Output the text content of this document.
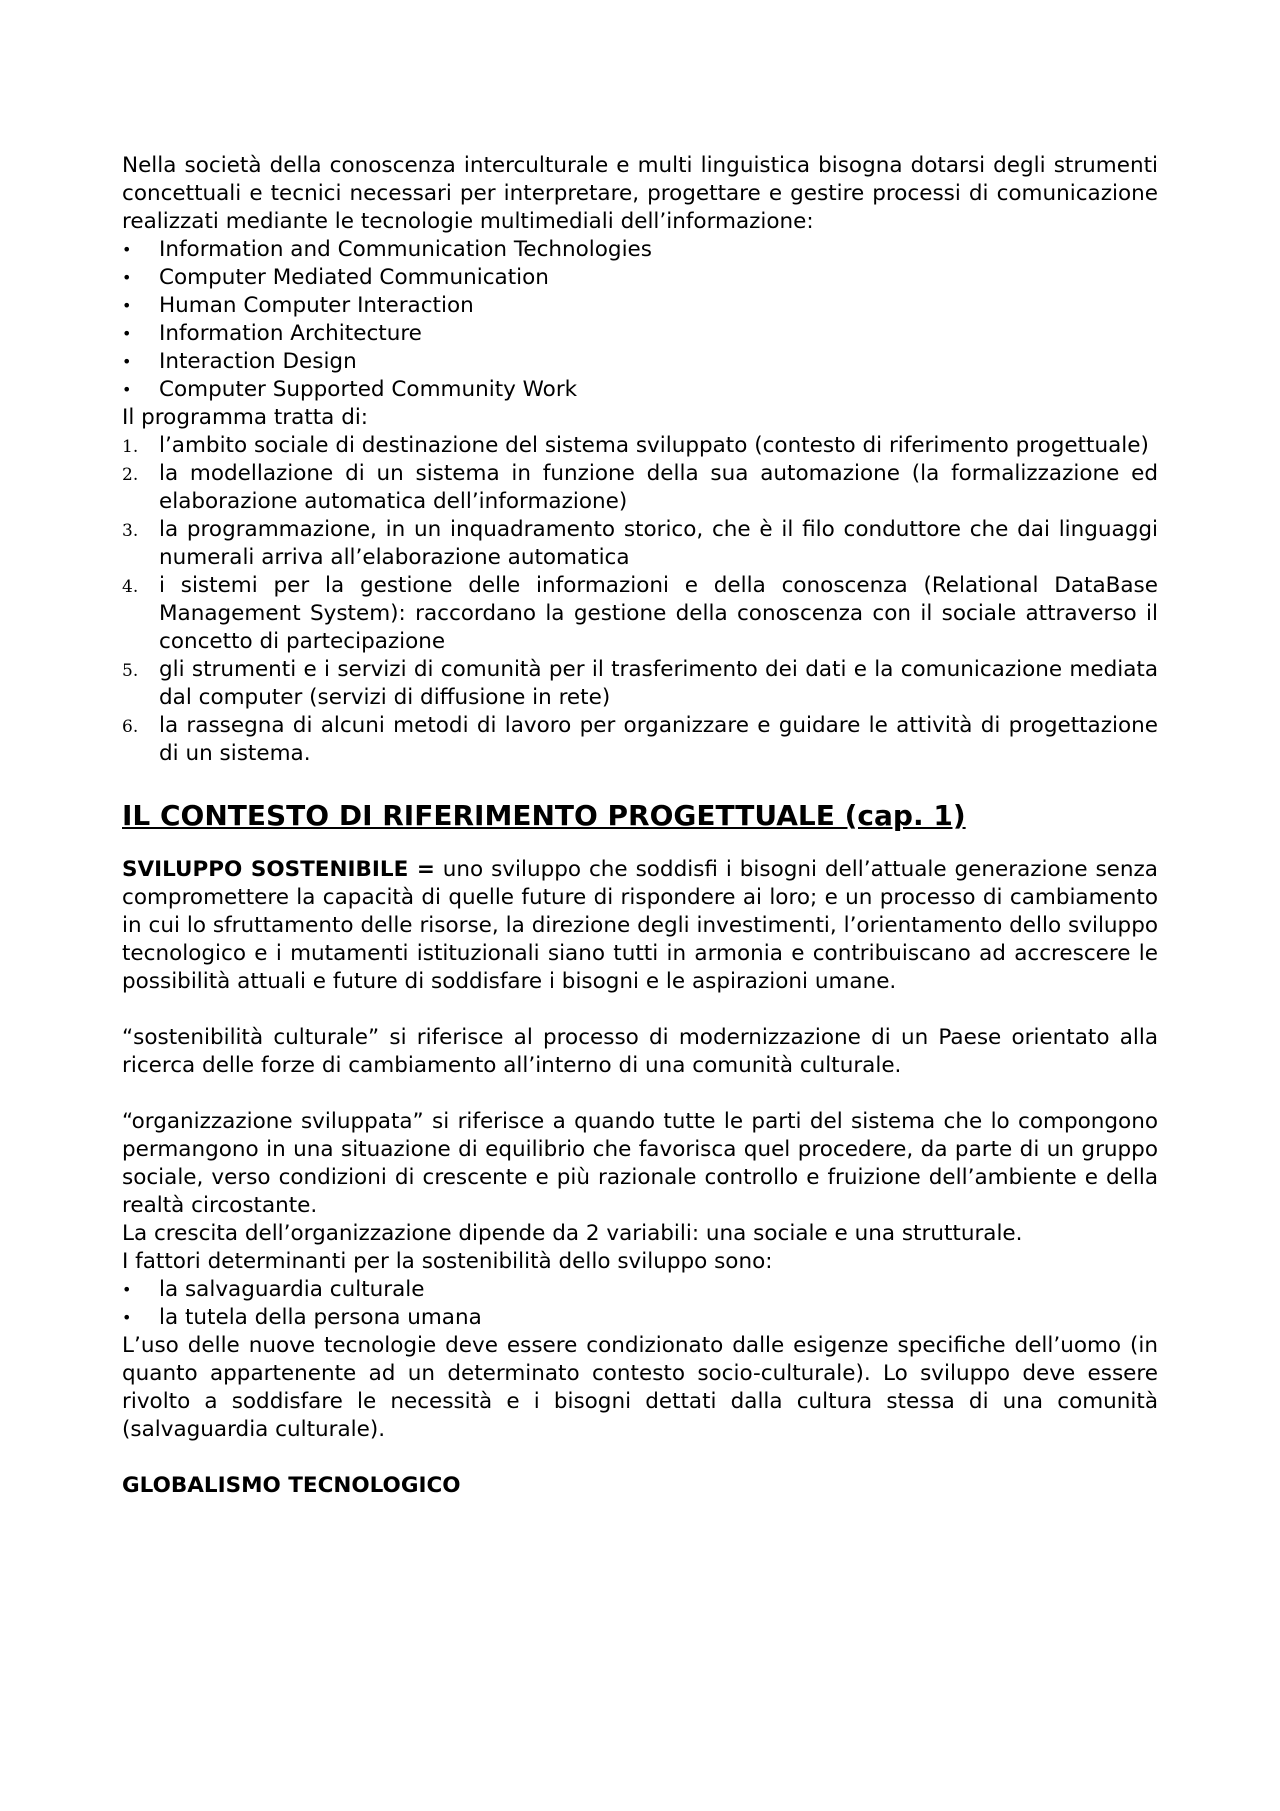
Nella società della conoscenza interculturale e multi linguistica bisogna dotarsi degli strumenti concettuali e tecnici necessari per interpretare, progettare e gestire processi di comunicazione realizzati mediante le tecnologie multimediali dell’informazione:

• Information and Communication Technologies
• Computer Mediated Communication
• Human Computer Interaction
• Information Architecture
• Interaction Design
• Computer Supported Community Work

Il programma tratta di:

1. l’ambito sociale di destinazione del sistema sviluppato (contesto di riferimento progettuale)
2. la modellazione di un sistema in funzione della sua automazione (la formalizzazione ed elaborazione automatica dell’informazione)
3. la programmazione, in un inquadramento storico, che è il filo conduttore che dai linguaggi numerali arriva all’elaborazione automatica
4. i sistemi per la gestione delle informazioni e della conoscenza (Relational DataBase Management System): raccordano la gestione della conoscenza con il sociale attraverso il concetto di partecipazione
5. gli strumenti e i servizi di comunità per il trasferimento dei dati e la comunicazione mediata dal computer (servizi di diffusione in rete)
6. la rassegna di alcuni metodi di lavoro per organizzare e guidare le attività di progettazione di un sistema.
IL CONTESTO DI RIFERIMENTO PROGETTUALE (cap. 1)

SVILUPPO SOSTENIBILE = uno sviluppo che soddisfi i bisogni dell’attuale generazione senza compromettere la capacità di quelle future di rispondere ai loro; e un processo di cambiamento in cui lo sfruttamento delle risorse, la direzione degli investimenti, l’orientamento dello sviluppo tecnologico e i mutamenti istituzionali siano tutti in armonia e contribuiscano ad accrescere le possibilità attuali e future di soddisfare i bisogni e le aspirazioni umane.

“sostenibilità culturale” si riferisce al processo di modernizzazione di un Paese orientato alla ricerca delle forze di cambiamento all’interno di una comunità culturale.

“organizzazione sviluppata” si riferisce a quando tutte le parti del sistema che lo compongono permangono in una situazione di equilibrio che favorisca quel procedere, da parte di un gruppo sociale, verso condizioni di crescente e più razionale controllo e fruizione dell’ambiente e della realtà circostante.

La crescita dell’organizzazione dipende da 2 variabili: una sociale e una strutturale.

I fattori determinanti per la sostenibilità dello sviluppo sono:

• la salvaguardia culturale
• la tutela della persona umana

L’uso delle nuove tecnologie deve essere condizionato dalle esigenze specifiche dell’uomo (in quanto appartenente ad un determinato contesto socio-culturale). Lo sviluppo deve essere rivolto a soddisfare le necessità e i bisogni dettati dalla cultura stessa di una comunità (salvaguardia culturale).

GLOBALISMO TECNOLOGICO
